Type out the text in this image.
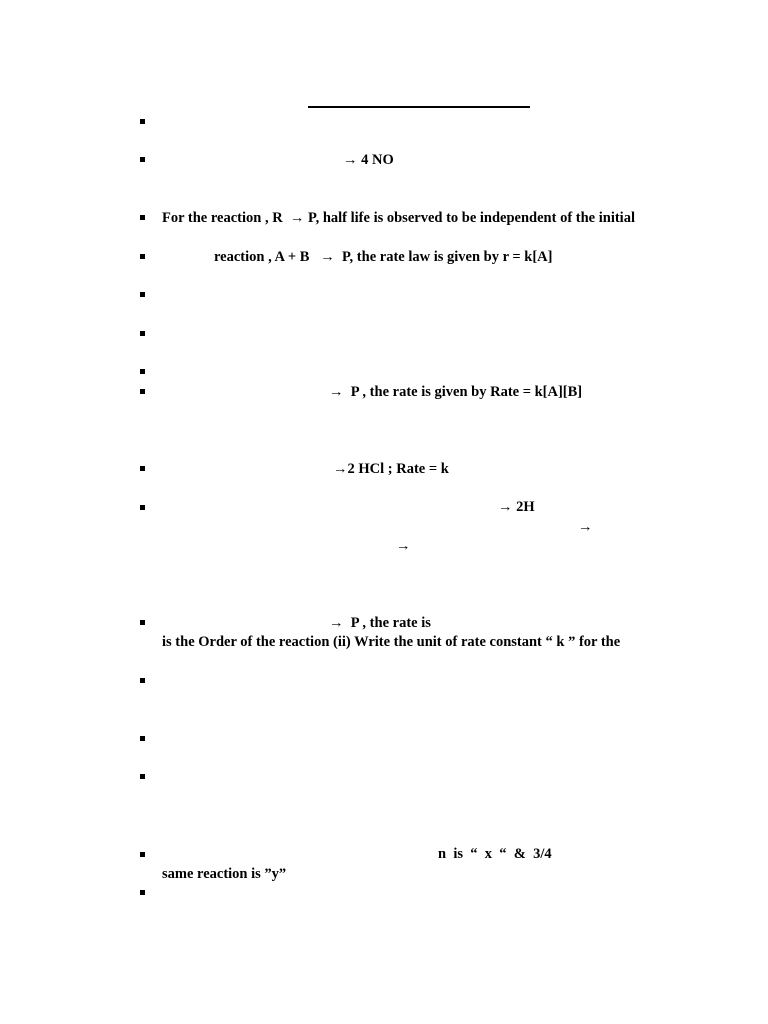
→ 4 NO
For the reaction , R  → P, half life is observed to be independent of the initial
reaction , A + B   →  P, the rate law is given by r = k[A]
→  P , the rate is given by Rate = k[A][B]
→2 HCl ; Rate = k
→ 2H
→
→
→  P , the rate is
is the Order of the reaction (ii) Write the unit of rate constant “ k ” for the
n  is  “  x  “  &  3/4
same reaction is ”y”
